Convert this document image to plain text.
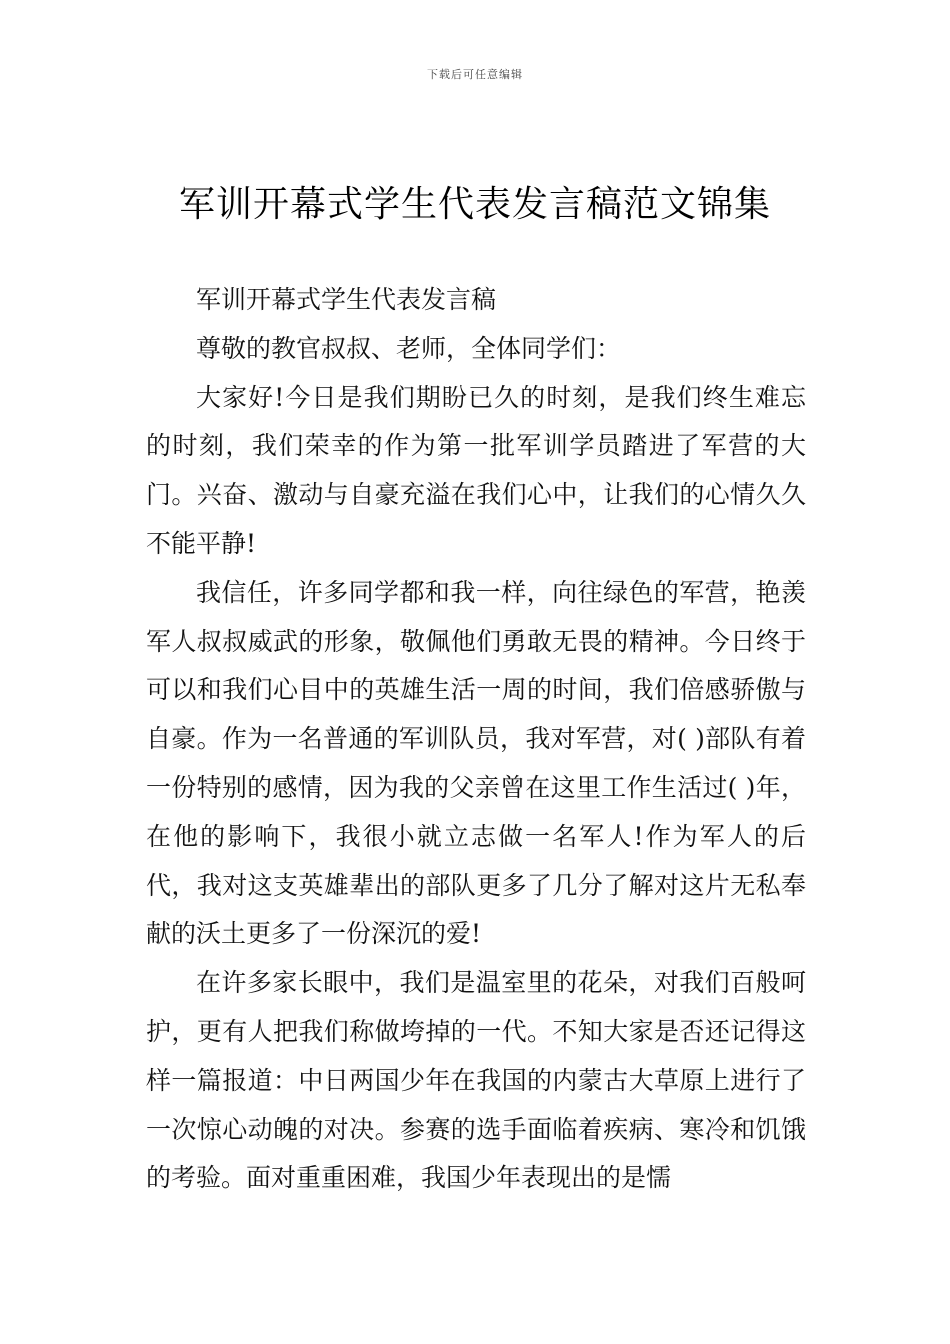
下载后可任意编辑
军训开幕式学生代表发言稿范文锦集

军训开幕式学生代表发言稿

尊敬的教官叔叔、老师，全体同学们：

大家好!今日是我们期盼已久的时刻，是我们终生难忘的时刻，我们荣幸的作为第一批军训学员踏进了军营的大门。兴奋、激动与自豪充溢在我们心中，让我们的心情久久不能平静!

我信任，许多同学都和我一样，向往绿色的军营，艳羡军人叔叔威武的形象，敬佩他们勇敢无畏的精神。今日终于可以和我们心目中的英雄生活一周的时间，我们倍感骄傲与自豪。作为一名普通的军训队员，我对军营，对( )部队有着一份特别的感情，因为我的父亲曾在这里工作生活过( )年，在他的影响下，我很小就立志做一名军人!作为军人的后代，我对这支英雄辈出的部队更多了几分了解对这片无私奉献的沃土更多了一份深沉的爱!

在许多家长眼中，我们是温室里的花朵，对我们百般呵护，更有人把我们称做垮掉的一代。不知大家是否还记得这样一篇报道：中日两国少年在我国的内蒙古大草原上进行了一次惊心动魄的对决。参赛的选手面临着疾病、寒冷和饥饿的考验。面对重重困难，我国少年表现出的是懦
